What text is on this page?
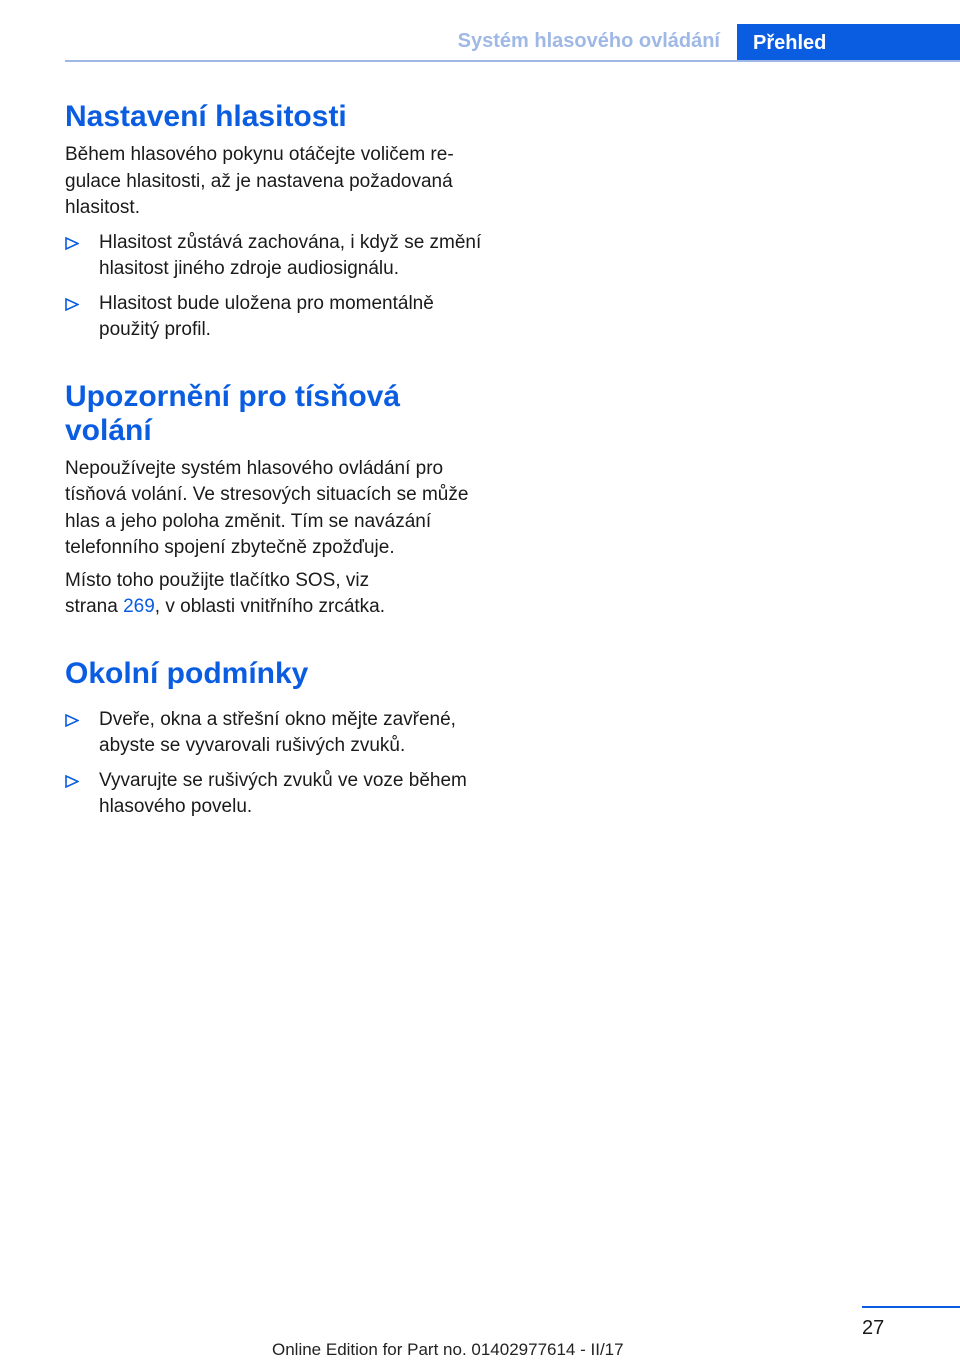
Systém hlasového ovládání Přehled
Nastavení hlasitosti

Během hlasového pokynu otáčejte voličem regulace hlasitosti, až je nastavena požadovaná hlasitost.

Hlasitost zůstává zachována, i když se změní hlasitost jiného zdroje audiosignálu.

Hlasitost bude uložena pro momentálně použitý profil.

Upozornění pro tísňová volání

Nepoužívejte systém hlasového ovládání pro tísňová volání. Ve stresových situacích se může hlas a jeho poloha změnit. Tím se navázání telefonního spojení zbytečně zpožďuje.

Místo toho použijte tlačítko SOS, viz strana 269, v oblasti vnitřního zrcátka.

Okolní podmínky

Dveře, okna a střešní okno mějte zavřené, abyste se vyvarovali rušivých zvuků.

Vyvarujte se rušivých zvuků ve voze během hlasového povelu.

27
Online Edition for Part no. 01402977614 - II/17
